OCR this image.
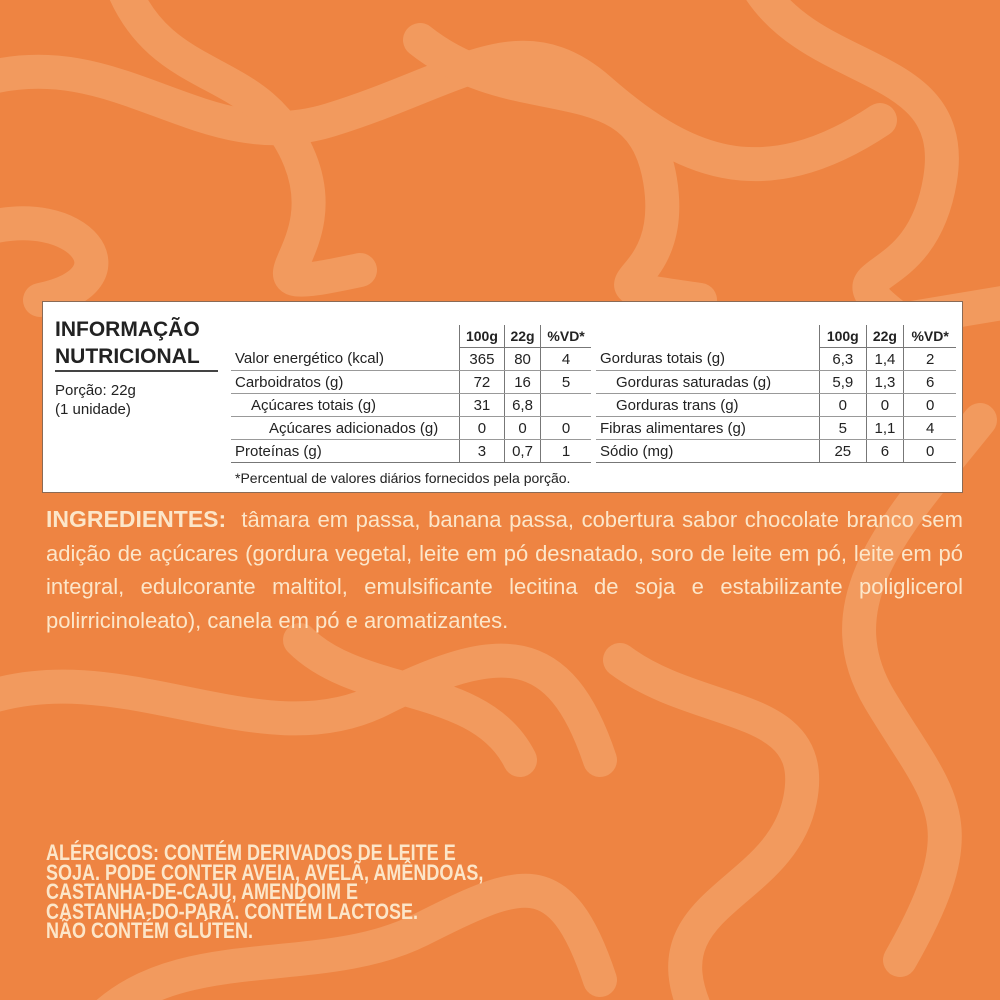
INFORMAÇÃO
NUTRICIONAL
Porção: 22g
(1 unidade)
	100g	22g	%VD*
Valor energético (kcal)	365	80	4
Carboidratos (g)	72	16	5
Açúcares totais (g)	31	6,8	
Açúcares adicionados (g)	0	0	0
Proteínas (g)	3	0,7	1
	100g	22g	%VD*
Gorduras totais (g)	6,3	1,4	2
Gorduras saturadas (g)	5,9	1,3	6
Gorduras trans (g)	0	0	0
Fibras alimentares (g)	5	1,1	4
Sódio (mg)	25	6	0
*Percentual de valores diários fornecidos pela porção.
INGREDIENTES: tâmara em passa, banana passa, cobertura sabor chocolate branco sem adição de açúcares (gordura vegetal, leite em pó desnatado, soro de leite em pó, leite em pó integral, edulcorante maltitol, emulsificante lecitina de soja e estabilizante poliglicerol polirricinoleato), canela em pó e aromatizantes.
ALÉRGICOS: CONTÉM DERIVADOS DE LEITE E
SOJA. PODE CONTER AVEIA, AVELÃ, AMÊNDOAS,
CASTANHA-DE-CAJU, AMENDOIM E
CASTANHA-DO-PARÁ. CONTÉM LACTOSE.
NÃO CONTÉM GLÚTEN.
